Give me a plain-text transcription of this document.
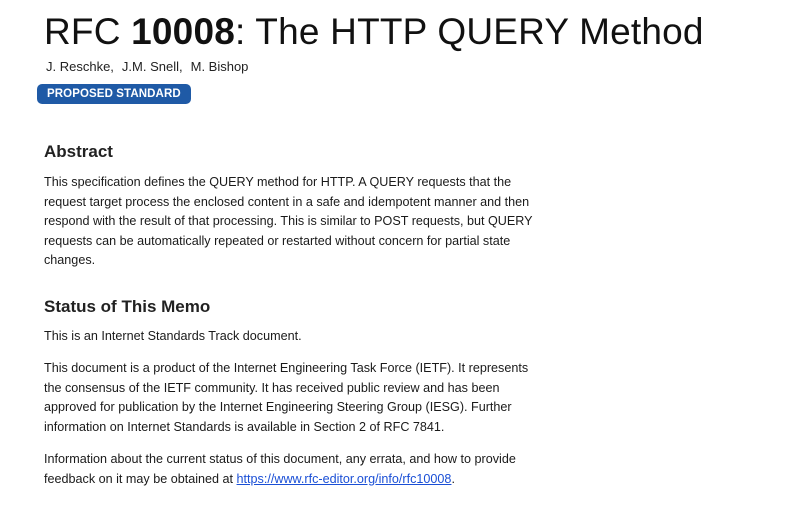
RFC 10008: The HTTP QUERY Method
J. Reschke, J.M. Snell, M. Bishop
PROPOSED STANDARD
Abstract

This specification defines the QUERY method for HTTP. A QUERY requests that the
request target process the enclosed content in a safe and idempotent manner and then
respond with the result of that processing. This is similar to POST requests, but QUERY
requests can be automatically repeated or restarted without concern for partial state
changes.

Status of This Memo

This is an Internet Standards Track document.

This document is a product of the Internet Engineering Task Force (IETF). It represents
the consensus of the IETF community. It has received public review and has been
approved for publication by the Internet Engineering Steering Group (IESG). Further
information on Internet Standards is available in Section 2 of RFC 7841.

Information about the current status of this document, any errata, and how to provide
feedback on it may be obtained at https://www.rfc-editor.org/info/rfc10008.
